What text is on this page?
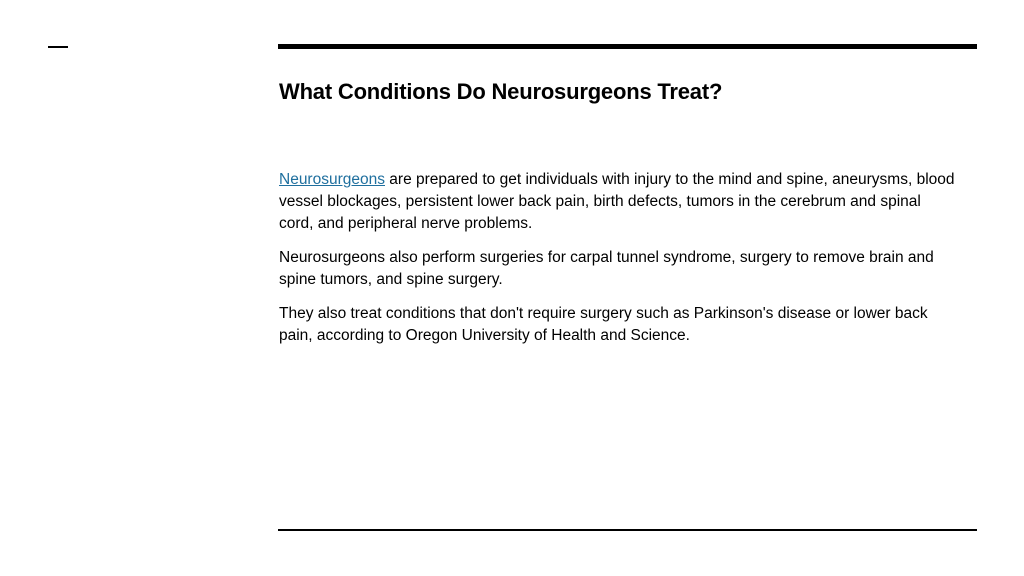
What Conditions Do Neurosurgeons Treat?

Neurosurgeons are prepared to get individuals with injury to the mind and spine, aneurysms, blood vessel blockages, persistent lower back pain, birth defects, tumors in the cerebrum and spinal cord, and peripheral nerve problems.

Neurosurgeons also perform surgeries for carpal tunnel syndrome, surgery to remove brain and spine tumors, and spine surgery.

They also treat conditions that don't require surgery such as Parkinson's disease or lower back pain, according to Oregon University of Health and Science.
